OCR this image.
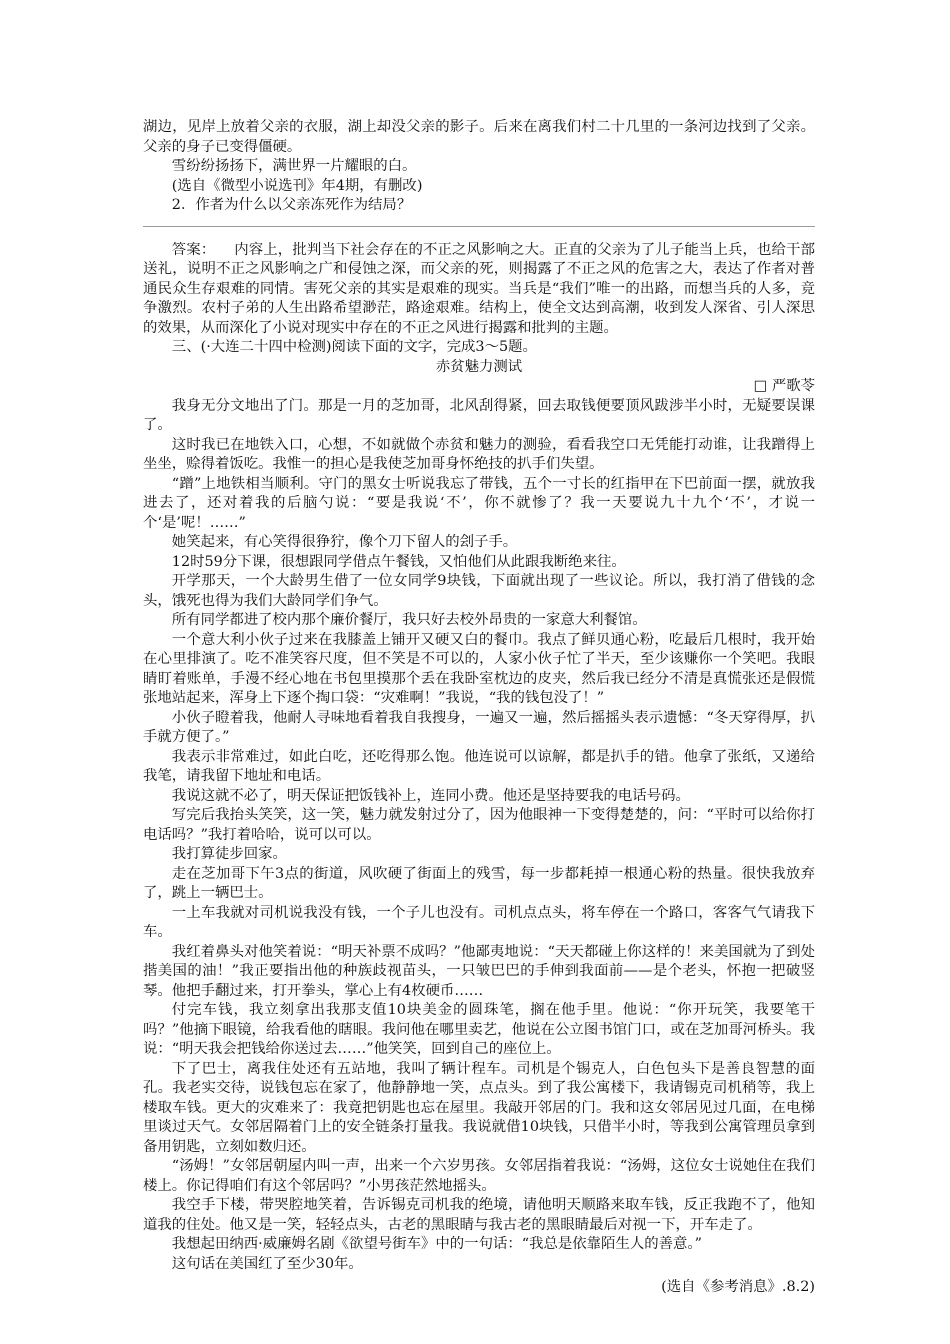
湖边，见岸上放着父亲的衣服，湖上却没父亲的影子。后来在离我们村二十几里的一条河边找到了父亲。父亲的身子已变得僵硬。

雪纷纷扬扬下，满世界一片耀眼的白。

(选自《微型小说选刊》年4期，有删改)

2．作者为什么以父亲冻死作为结局？

答案： 内容上，批判当下社会存在的不正之风影响之大。正直的父亲为了儿子能当上兵，也给干部送礼，说明不正之风影响之广和侵蚀之深，而父亲的死，则揭露了不正之风的危害之大，表达了作者对普通民众生存艰难的同情。害死父亲的其实是艰难的现实。当兵是“我们”唯一的出路，而想当兵的人多，竞争激烈。农村子弟的人生出路希望渺茫，路途艰难。结构上，使全文达到高潮，收到发人深省、引人深思的效果，从而深化了小说对现实中存在的不正之风进行揭露和批判的主题。

三、(·大连二十四中检测)阅读下面的文字，完成3～5题。

赤贫魅力测试

□ 严歌苓

我身无分文地出了门。那是一月的芝加哥，北风刮得紧，回去取钱便要顶风跋涉半小时，无疑要误课了。

这时我已在地铁入口，心想，不如就做个赤贫和魅力的测验，看看我空口无凭能打动谁，让我蹭得上坐坐，赊得着饭吃。我惟一的担心是我使芝加哥身怀绝技的扒手们失望。

“蹭”上地铁相当顺利。守门的黑女士听说我忘了带钱，五个一寸长的红指甲在下巴前面一摆，就放我进去了，还对着我的后脑勺说：“要是我说‘不’，你不就惨了？我一天要说九十九个‘不’，才说一个‘是’呢！……”

她笑起来，有心笑得很狰狞，像个刀下留人的刽子手。

12时59分下课，很想跟同学借点午餐钱，又怕他们从此跟我断绝来往。

开学那天，一个大龄男生借了一位女同学9块钱，下面就出现了一些议论。所以，我打消了借钱的念头，饿死也得为我们大龄同学们争气。

所有同学都进了校内那个廉价餐厅，我只好去校外昂贵的一家意大利餐馆。

一个意大利小伙子过来在我膝盖上铺开又硬又白的餐巾。我点了鲜贝通心粉，吃最后几根时，我开始在心里排演了。吃不准笑容尺度，但不笑是不可以的，人家小伙子忙了半天，至少该赚你一个笑吧。我眼睛盯着账单，手漫不经心地在书包里摸那个丢在我卧室枕边的皮夹，然后我已经分不清是真慌张还是假慌张地站起来，浑身上下逐个掏口袋：“灾难啊！”我说，“我的钱包没了！”

小伙子瞪着我，他耐人寻味地看着我自我搜身，一遍又一遍，然后摇摇头表示遗憾：“冬天穿得厚，扒手就方便了。”

我表示非常难过，如此白吃，还吃得那么饱。他连说可以谅解，都是扒手的错。他拿了张纸，又递给我笔，请我留下地址和电话。

我说这就不必了，明天保证把饭钱补上，连同小费。他还是坚持要我的电话号码。

写完后我抬头笑笑，这一笑，魅力就发射过分了，因为他眼神一下变得楚楚的，问：“平时可以给你打电话吗？”我打着哈哈，说可以可以。

我打算徒步回家。

走在芝加哥下午3点的街道，风吹硬了街面上的残雪，每一步都耗掉一根通心粉的热量。很快我放弃了，跳上一辆巴士。

一上车我就对司机说我没有钱，一个子儿也没有。司机点点头，将车停在一个路口，客客气气请我下车。

我红着鼻头对他笑着说：“明天补票不成吗？”他鄙夷地说：“天天都碰上你这样的！来美国就为了到处揩美国的油！”我正要指出他的种族歧视苗头，一只皱巴巴的手伸到我面前——是个老头，怀抱一把破竖琴。他把手翻过来，打开拳头，掌心上有4枚硬币……

付完车钱，我立刻拿出我那支值10块美金的圆珠笔，搁在他手里。他说：“你开玩笑，我要笔干吗？”他摘下眼镜，给我看他的瞎眼。我问他在哪里卖艺，他说在公立图书馆门口，或在芝加哥河桥头。我说：“明天我会把钱给你送过去……”他笑笑，回到自己的座位上。

下了巴士，离我住处还有五站地，我叫了辆计程车。司机是个锡克人，白色包头下是善良智慧的面孔。我老实交待，说钱包忘在家了，他静静地一笑，点点头。到了我公寓楼下，我请锡克司机稍等，我上楼取车钱。更大的灾难来了：我竟把钥匙也忘在屋里。我敲开邻居的门。我和这女邻居见过几面，在电梯里谈过天气。女邻居隔着门上的安全链条打量我。我说就借10块钱，只借半小时，等我到公寓管理员拿到备用钥匙，立刻如数归还。

“汤姆！”女邻居朝屋内叫一声，出来一个六岁男孩。女邻居指着我说：“汤姆，这位女士说她住在我们楼上。你记得咱们有这个邻居吗？”小男孩茫然地摇头。

我空手下楼，带哭腔地笑着，告诉锡克司机我的绝境，请他明天顺路来取车钱，反正我跑不了，他知道我的住处。他又是一笑，轻轻点头，古老的黑眼睛与我古老的黑眼睛最后对视一下，开车走了。

我想起田纳西·威廉姆名剧《欲望号街车》中的一句话：“我总是依靠陌生人的善意。”

这句话在美国红了至少30年。

(选自《参考消息》.8.2)
